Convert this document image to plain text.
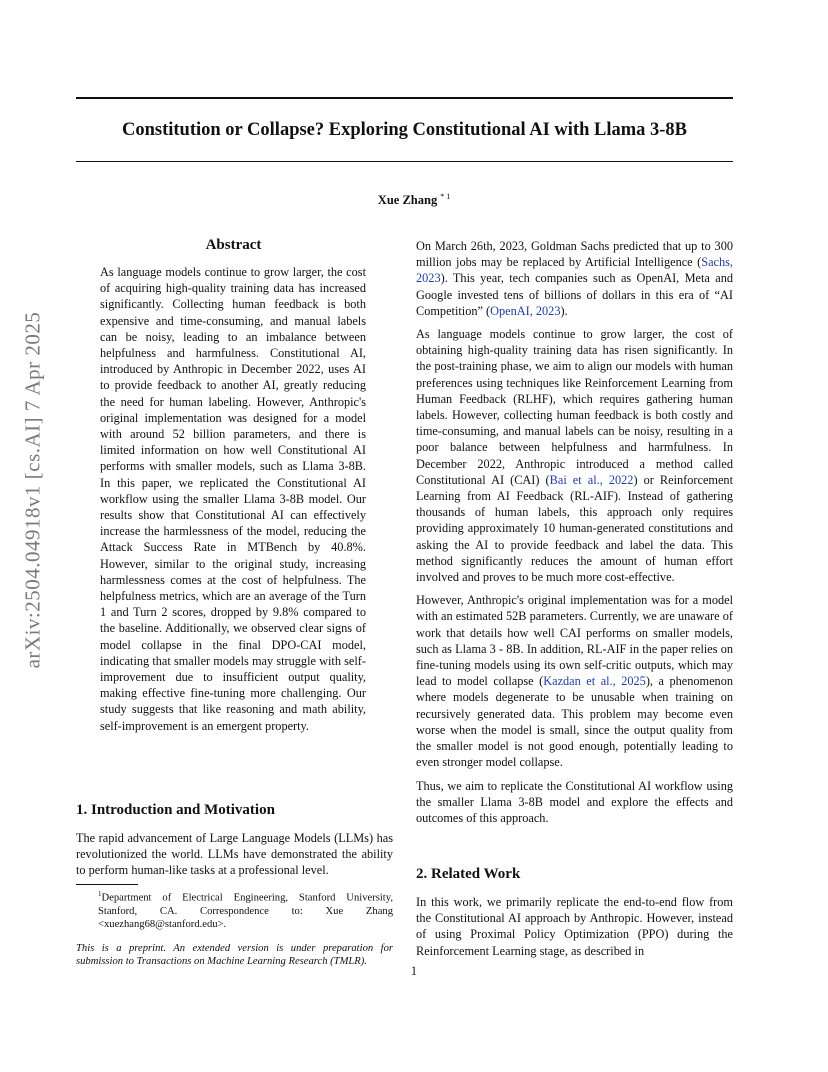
Constitution or Collapse? Exploring Constitutional AI with Llama 3-8B
Xue Zhang $^{* 1}$
arXiv:2504.04918v1 [cs.AI] 7 Apr 2025
Abstract
As language models continue to grow larger, the cost of acquiring high-quality training data has increased significantly. Collecting human feedback is both expensive and time-consuming, and manual labels can be noisy, leading to an imbalance between helpfulness and harmfulness. Constitutional AI, introduced by Anthropic in December 2022, uses AI to provide feedback to another AI, greatly reducing the need for human labeling. However, Anthropic's original implementation was designed for a model with around 52 billion parameters, and there is limited information on how well Constitutional AI performs with smaller models, such as Llama 3-8B. In this paper, we replicated the Constitutional AI workflow using the smaller Llama 3-8B model. Our results show that Constitutional AI can effectively increase the harmlessness of the model, reducing the Attack Success Rate in MTBench by 40.8%. However, similar to the original study, increasing harmlessness comes at the cost of helpfulness. The helpfulness metrics, which are an average of the Turn 1 and Turn 2 scores, dropped by 9.8% compared to the baseline. Additionally, we observed clear signs of model collapse in the final DPO-CAI model, indicating that smaller models may struggle with self-improvement due to insufficient output quality, making effective fine-tuning more challenging. Our study suggests that like reasoning and math ability, self-improvement is an emergent property.
1. Introduction and Motivation
The rapid advancement of Large Language Models (LLMs) has revolutionized the world. LLMs have demonstrated the ability to perform human-like tasks at a professional level.
$^1$Department of Electrical Engineering, Stanford University, Stanford, CA. Correspondence to: Xue Zhang <xuezhang68@stanford.edu>.
This is a preprint. An extended version is under preparation for submission to Transactions on Machine Learning Research (TMLR).

On March 26th, 2023, Goldman Sachs predicted that up to 300 million jobs may be replaced by Artificial Intelligence (Sachs, 2023). This year, tech companies such as OpenAI, Meta and Google invested tens of billions of dollars in this era of “AI Competition” (OpenAI, 2023).

As language models continue to grow larger, the cost of obtaining high-quality training data has risen significantly. In the post-training phase, we aim to align our models with human preferences using techniques like Reinforcement Learning from Human Feedback (RLHF), which requires gathering human labels. However, collecting human feedback is both costly and time-consuming, and manual labels can be noisy, resulting in a poor balance between helpfulness and harmfulness. In December 2022, Anthropic introduced a method called Constitutional AI (CAI) (Bai et al., 2022) or Reinforcement Learning from AI Feedback (RL-AIF). Instead of gathering thousands of human labels, this approach only requires providing approximately 10 human-generated constitutions and asking the AI to provide feedback and label the data. This method significantly reduces the amount of human effort involved and proves to be much more cost-effective.

However, Anthropic's original implementation was for a model with an estimated 52B parameters. Currently, we are unaware of work that details how well CAI performs on smaller models, such as Llama 3 - 8B. In addition, RL-AIF in the paper relies on fine-tuning models using its own self-critic outputs, which may lead to model collapse (Kazdan et al., 2025), a phenomenon where models degenerate to be unusable when training on recursively generated data. This problem may become even worse when the model is small, since the output quality from the smaller model is not good enough, potentially leading to even stronger model collapse.

Thus, we aim to replicate the Constitutional AI workflow using the smaller Llama 3-8B model and explore the effects and outcomes of this approach.

2. Related Work
In this work, we primarily replicate the end-to-end flow from the Constitutional AI approach by Anthropic. However, instead of using Proximal Policy Optimization (PPO) during the Reinforcement Learning stage, as described in
1
